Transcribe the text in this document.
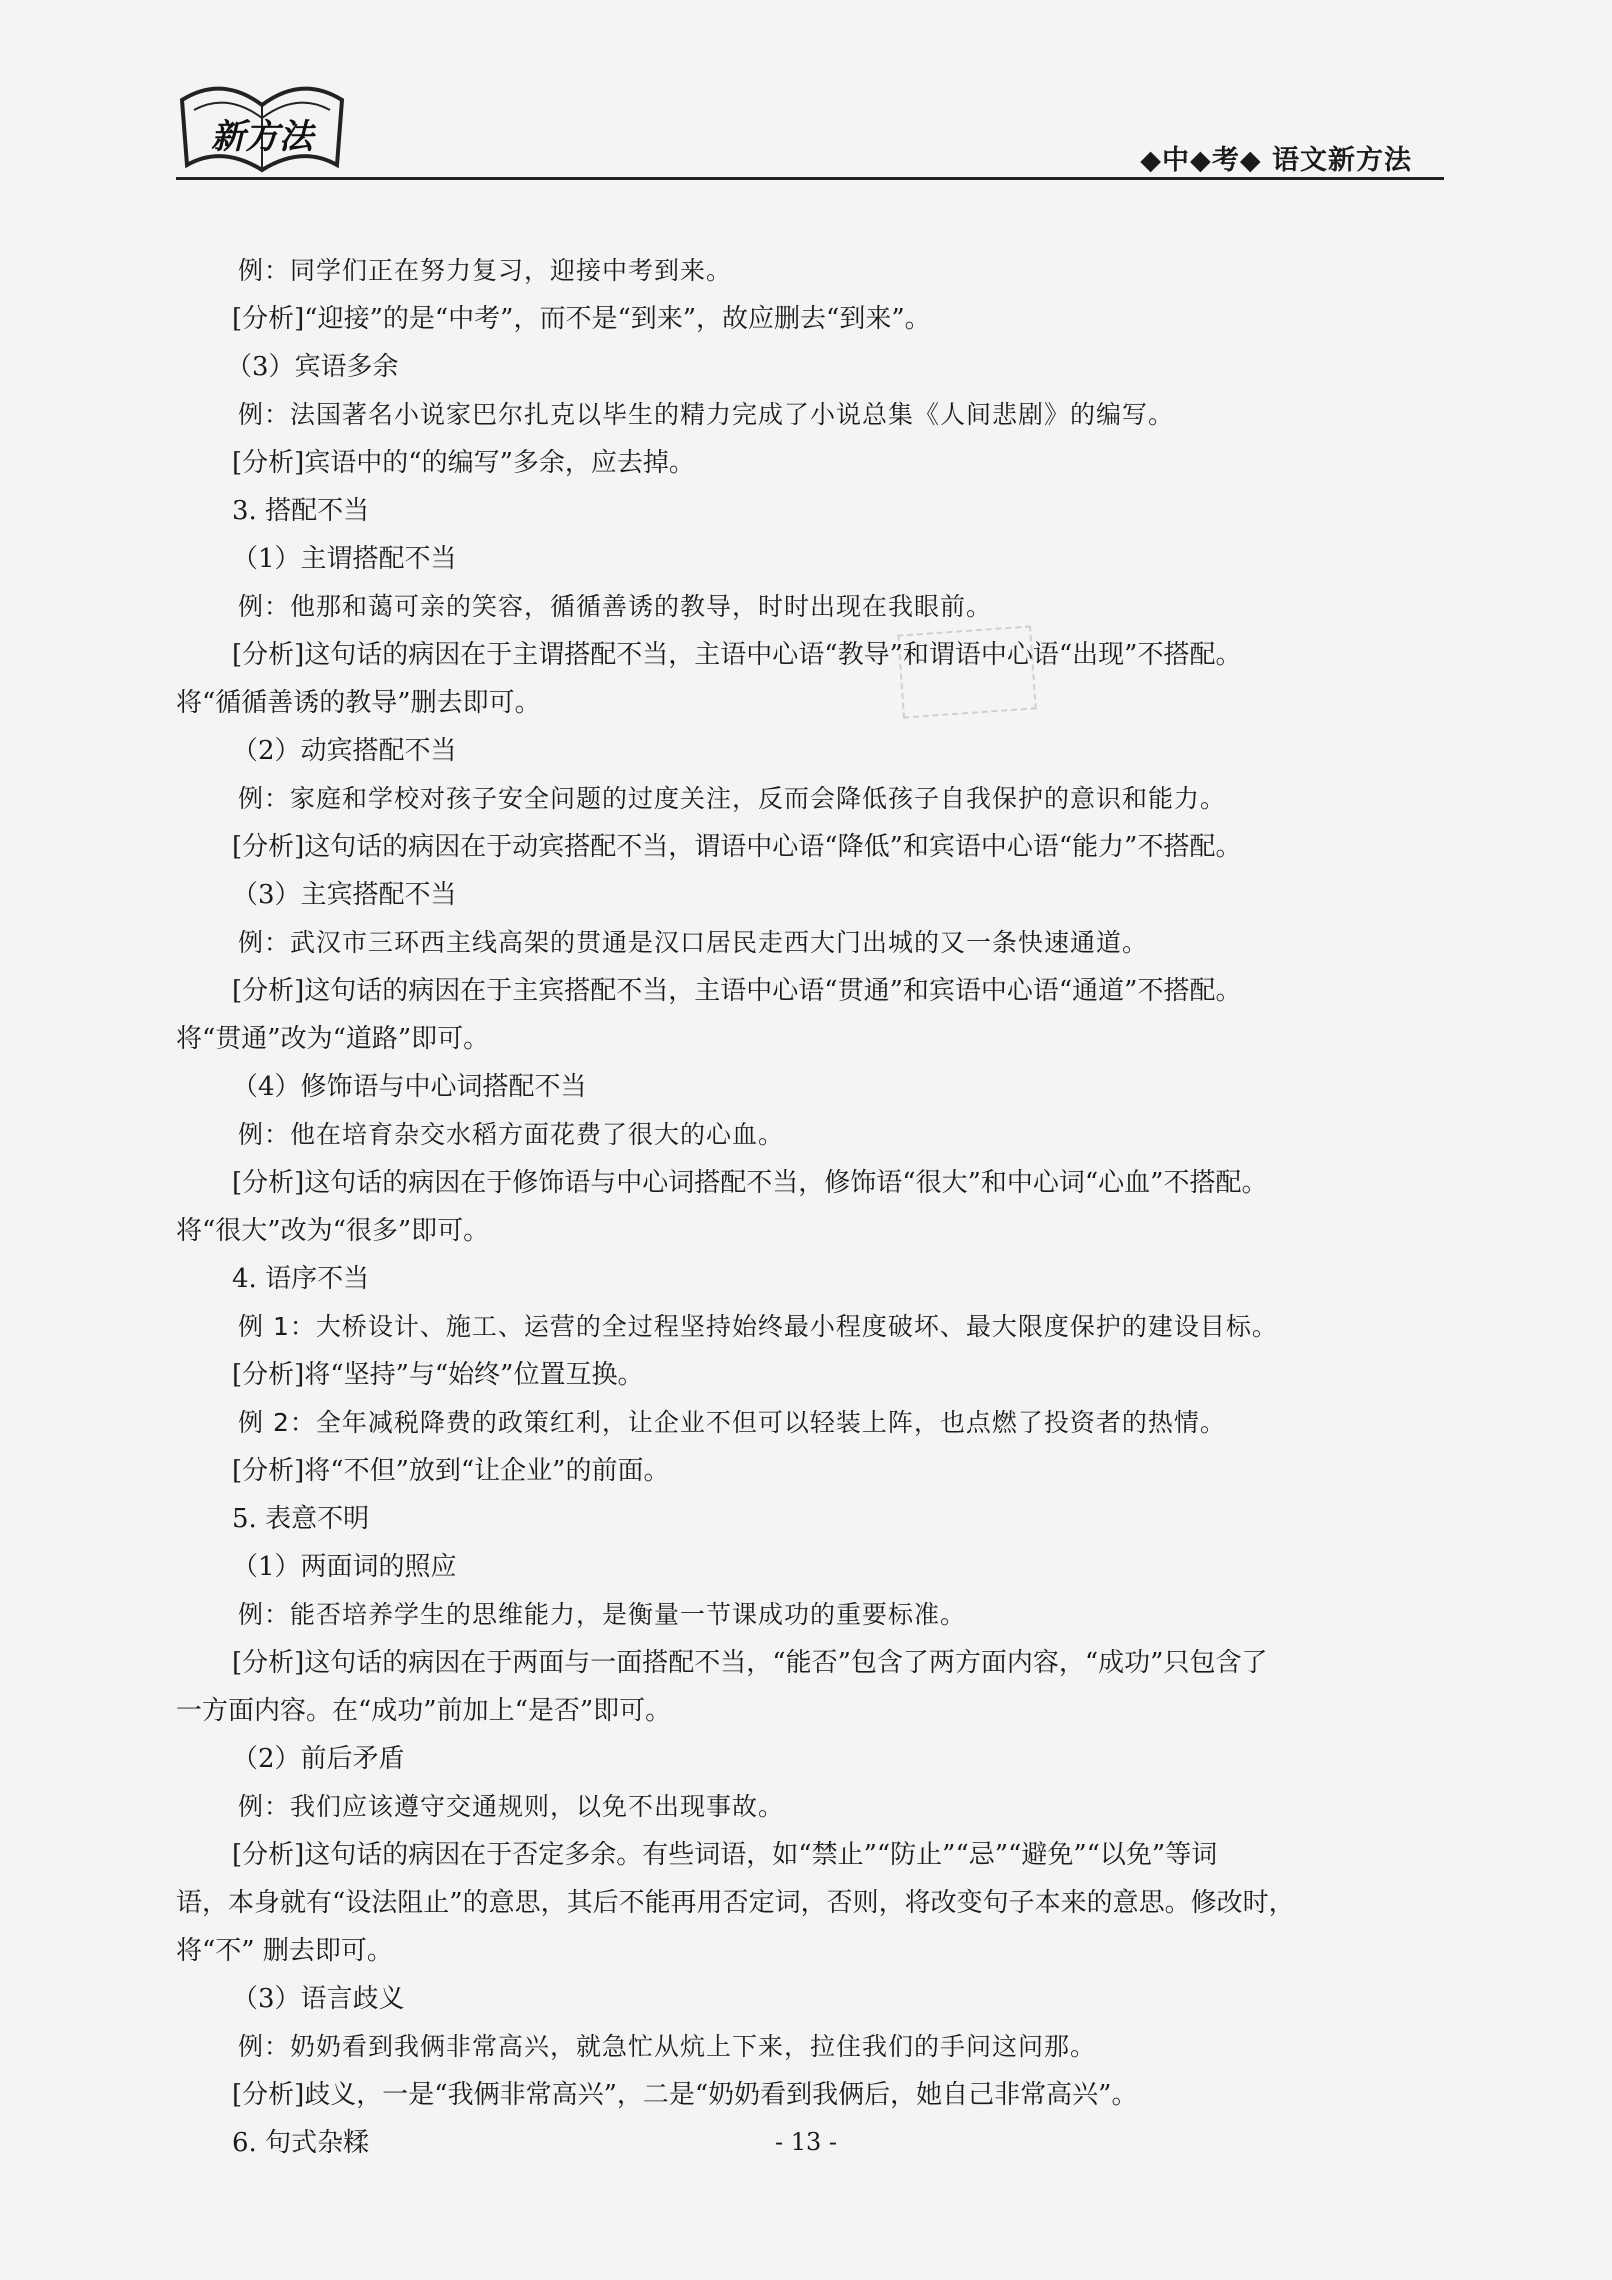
新方法
◆中◆考◆ 语文新方法
例：同学们正在努力复习，迎接中考到来。
[分析]“迎接”的是“中考”，而不是“到来”，故应删去“到来”。
（3）宾语多余
例：法国著名小说家巴尔扎克以毕生的精力完成了小说总集《人间悲剧》的编写。
[分析]宾语中的“的编写”多余，应去掉。
3. 搭配不当
（1）主谓搭配不当
例：他那和蔼可亲的笑容，循循善诱的教导，时时出现在我眼前。
[分析]这句话的病因在于主谓搭配不当，主语中心语“教导”和谓语中心语“出现”不搭配。
将“循循善诱的教导”删去即可。
（2）动宾搭配不当
例：家庭和学校对孩子安全问题的过度关注，反而会降低孩子自我保护的意识和能力。
[分析]这句话的病因在于动宾搭配不当，谓语中心语“降低”和宾语中心语“能力”不搭配。
（3）主宾搭配不当
例：武汉市三环西主线高架的贯通是汉口居民走西大门出城的又一条快速通道。
[分析]这句话的病因在于主宾搭配不当，主语中心语“贯通”和宾语中心语“通道”不搭配。
将“贯通”改为“道路”即可。
（4）修饰语与中心词搭配不当
例：他在培育杂交水稻方面花费了很大的心血。
[分析]这句话的病因在于修饰语与中心词搭配不当，修饰语“很大”和中心词“心血”不搭配。
将“很大”改为“很多”即可。
4. 语序不当
例 1：大桥设计、施工、运营的全过程坚持始终最小程度破坏、最大限度保护的建设目标。
[分析]将“坚持”与“始终”位置互换。
例 2：全年减税降费的政策红利，让企业不但可以轻装上阵，也点燃了投资者的热情。
[分析]将“不但”放到“让企业”的前面。
5. 表意不明
（1）两面词的照应
例：能否培养学生的思维能力，是衡量一节课成功的重要标准。
[分析]这句话的病因在于两面与一面搭配不当，“能否”包含了两方面内容，“成功”只包含了
一方面内容。在“成功”前加上“是否”即可。
（2）前后矛盾
例：我们应该遵守交通规则，以免不出现事故。
[分析]这句话的病因在于否定多余。有些词语，如“禁止”“防止”“忌”“避免”“以免”等词
语，本身就有“设法阻止”的意思，其后不能再用否定词，否则，将改变句子本来的意思。修改时，
将“不” 删去即可。
（3）语言歧义
例：奶奶看到我俩非常高兴，就急忙从炕上下来，拉住我们的手问这问那。
[分析]歧义，一是“我俩非常高兴”，二是“奶奶看到我俩后，她自己非常高兴”。
6. 句式杂糅	- 13 -
